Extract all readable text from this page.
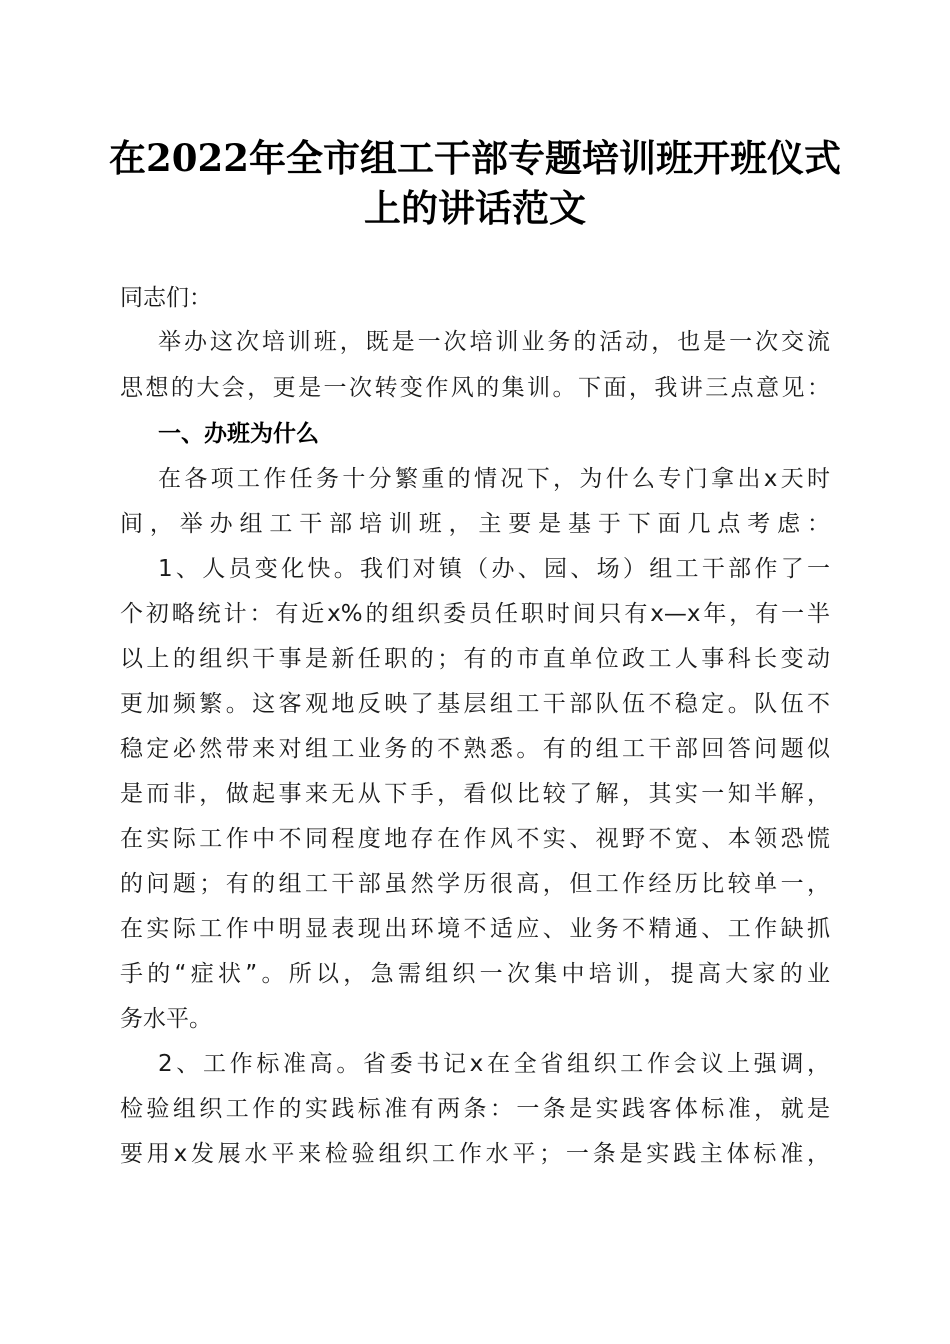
在2022年全市组工干部专题培训班开班仪式
上的讲话范文
同志们：
举办这次培训班，既是一次培训业务的活动，也是一次交流
思想的大会，更是一次转变作风的集训。下面，我讲三点意见：
一、办班为什么
在各项工作任务十分繁重的情况下，为什么专门拿出x天时
间，举办组工干部培训班，主要是基于下面几点考虑：
1、人员变化快。我们对镇（办、园、场）组工干部作了一
个初略统计：有近x%的组织委员任职时间只有x—x年，有一半
以上的组织干事是新任职的；有的市直单位政工人事科长变动
更加频繁。这客观地反映了基层组工干部队伍不稳定。队伍不
稳定必然带来对组工业务的不熟悉。有的组工干部回答问题似
是而非，做起事来无从下手，看似比较了解，其实一知半解，
在实际工作中不同程度地存在作风不实、视野不宽、本领恐慌
的问题；有的组工干部虽然学历很高，但工作经历比较单一，
在实际工作中明显表现出环境不适应、业务不精通、工作缺抓
手的“症状”。所以，急需组织一次集中培训，提高大家的业
务水平。
2、工作标准高。省委书记x在全省组织工作会议上强调，
检验组织工作的实践标准有两条：一条是实践客体标准，就是
要用x发展水平来检验组织工作水平；一条是实践主体标准，
